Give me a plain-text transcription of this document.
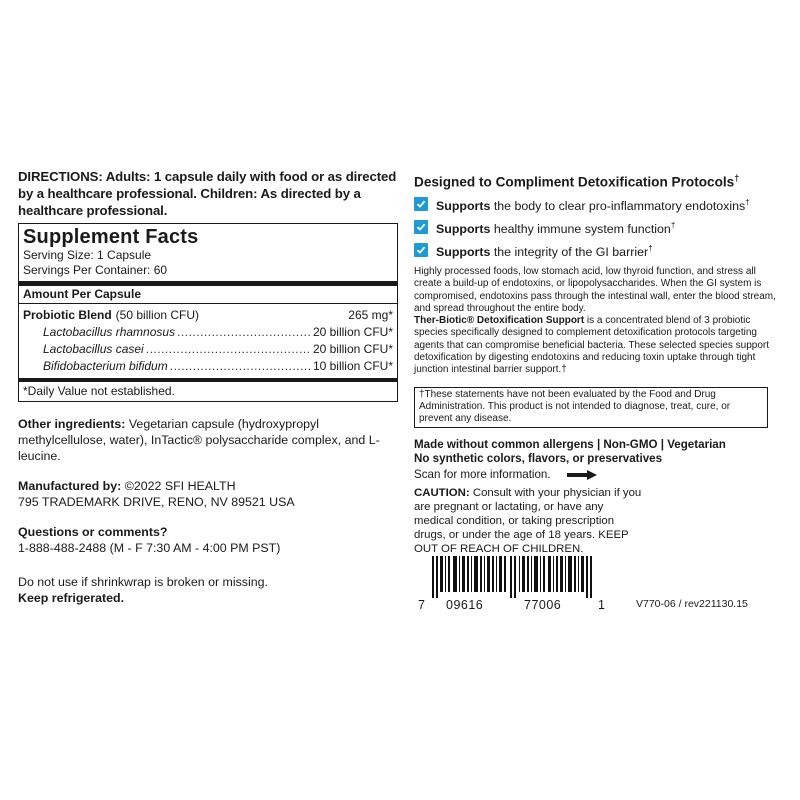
DIRECTIONS: Adults: 1 capsule daily with food or as directed by a healthcare professional. Children: As directed by a healthcare professional.
Supplement Facts
Serving Size: 1 Capsule
Servings Per Container: 60
Amount Per Capsule
Probiotic Blend (50 billion CFU)	265 mg*
Lactobacillus rhamnosus .....	20 billion CFU*
Lactobacillus casei .....	20 billion CFU*
Bifidobacterium bifidum .....	10 billion CFU*
*Daily Value not established.
Other ingredients: Vegetarian capsule (hydroxypropyl methylcellulose, water), InTactic® polysaccharide complex, and L-leucine.
Manufactured by: ©2022 SFI HEALTH
795 TRADEMARK DRIVE, RENO, NV 89521 USA
Questions or comments?
1-888-488-2488 (M - F 7:30 AM - 4:00 PM PST)
Do not use if shrinkwrap is broken or missing.
Keep refrigerated.
Designed to Compliment Detoxification Protocols†
Supports the body to clear pro-inflammatory endotoxins†
Supports healthy immune system function†
Supports the integrity of the GI barrier†
Highly processed foods, low stomach acid, low thyroid function, and stress all create a build-up of endotoxins, or lipopolysaccharides. When the GI system is compromised, endotoxins pass through the intestinal wall, enter the blood stream, and spread throughout the entire body.
Ther-Biotic® Detoxification Support is a concentrated blend of 3 probiotic species specifically designed to complement detoxification protocols targeting agents that can compromise beneficial bacteria. These selected species support detoxification by digesting endotoxins and reducing toxin uptake through tight junction intestinal barrier support.†
†These statements have not been evaluated by the Food and Drug Administration. This product is not intended to diagnose, treat, cure, or prevent any disease.
Made without common allergens | Non-GMO | Vegetarian
No synthetic colors, flavors, or preservatives
Scan for more information.
CAUTION: Consult with your physician if you are pregnant or lactating, or have any medical condition, or taking prescription drugs, or under the age of 18 years. KEEP OUT OF REACH OF CHILDREN.
7 09616	77006	1	V770-06 / rev221130.15
